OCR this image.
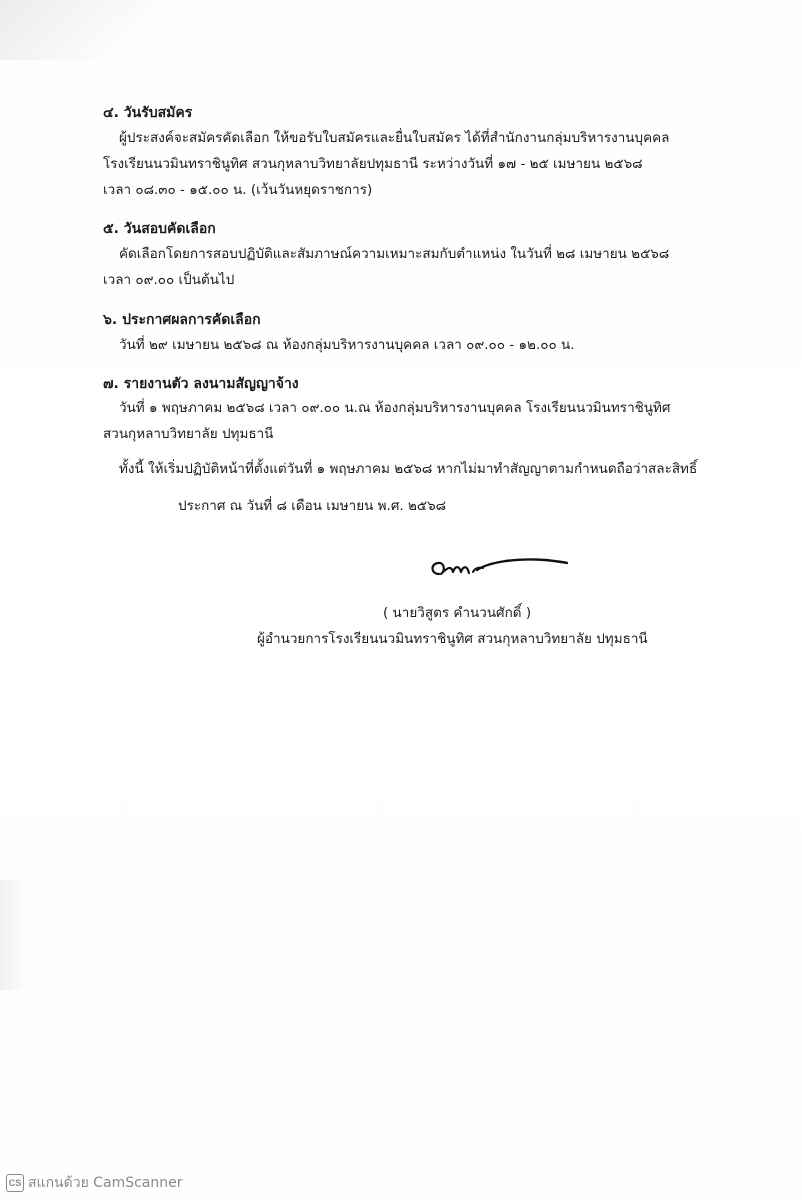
๔. วันรับสมัคร
ผู้ประสงค์จะสมัครคัดเลือก ให้ขอรับใบสมัครและยื่นใบสมัคร ได้ที่สำนักงานกลุ่มบริหารงานบุคคล
โรงเรียนนวมินทราชินูทิศ สวนกุหลาบวิทยาลัยปทุมธานี ระหว่างวันที่ ๑๗ - ๒๕ เมษายน ๒๕๖๘
เวลา ๐๘.๓๐ - ๑๕.๐๐ น. (เว้นวันหยุดราชการ)
๕. วันสอบคัดเลือก
คัดเลือกโดยการสอบปฏิบัติและสัมภาษณ์ความเหมาะสมกับตำแหน่ง ในวันที่ ๒๘ เมษายน ๒๕๖๘
เวลา ๐๙.๐๐ เป็นต้นไป
๖. ประกาศผลการคัดเลือก
วันที่ ๒๙ เมษายน ๒๕๖๘ ณ ห้องกลุ่มบริหารงานบุคคล เวลา ๐๙.๐๐ - ๑๒.๐๐ น.
๗. รายงานตัว ลงนามสัญญาจ้าง
วันที่ ๑ พฤษภาคม ๒๕๖๘ เวลา ๐๙.๐๐ น.ณ ห้องกลุ่มบริหารงานบุคคล โรงเรียนนวมินทราชินูทิศ
สวนกุหลาบวิทยาลัย ปทุมธานี
ทั้งนี้ ให้เริ่มปฏิบัติหน้าที่ตั้งแต่วันที่ ๑ พฤษภาคม ๒๕๖๘ หากไม่มาทำสัญญาตามกำหนดถือว่าสละสิทธิ์
ประกาศ ณ วันที่ ๘ เดือน เมษายน พ.ศ. ๒๕๖๘
( นายวิสูตร คำนวนศักดิ์ )
ผู้อำนวยการโรงเรียนนวมินทราชินูทิศ สวนกุหลาบวิทยาลัย ปทุมธานี
CS สแกนด้วย CamScanner
